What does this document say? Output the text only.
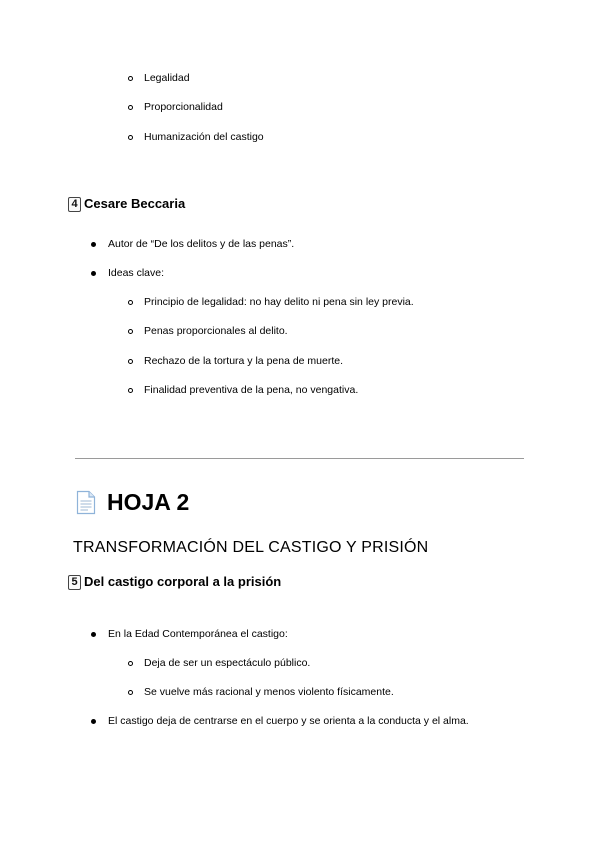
Legalidad
Proporcionalidad
Humanización del castigo
4 Cesare Beccaria
Autor de “De los delitos y de las penas”.
Ideas clave:
Principio de legalidad: no hay delito ni pena sin ley previa.
Penas proporcionales al delito.
Rechazo de la tortura y la pena de muerte.
Finalidad preventiva de la pena, no vengativa.
HOJA 2
TRANSFORMACIÓN DEL CASTIGO Y PRISIÓN
5 Del castigo corporal a la prisión
En la Edad Contemporánea el castigo:
Deja de ser un espectáculo público.
Se vuelve más racional y menos violento físicamente.
El castigo deja de centrarse en el cuerpo y se orienta a la conducta y el alma.
